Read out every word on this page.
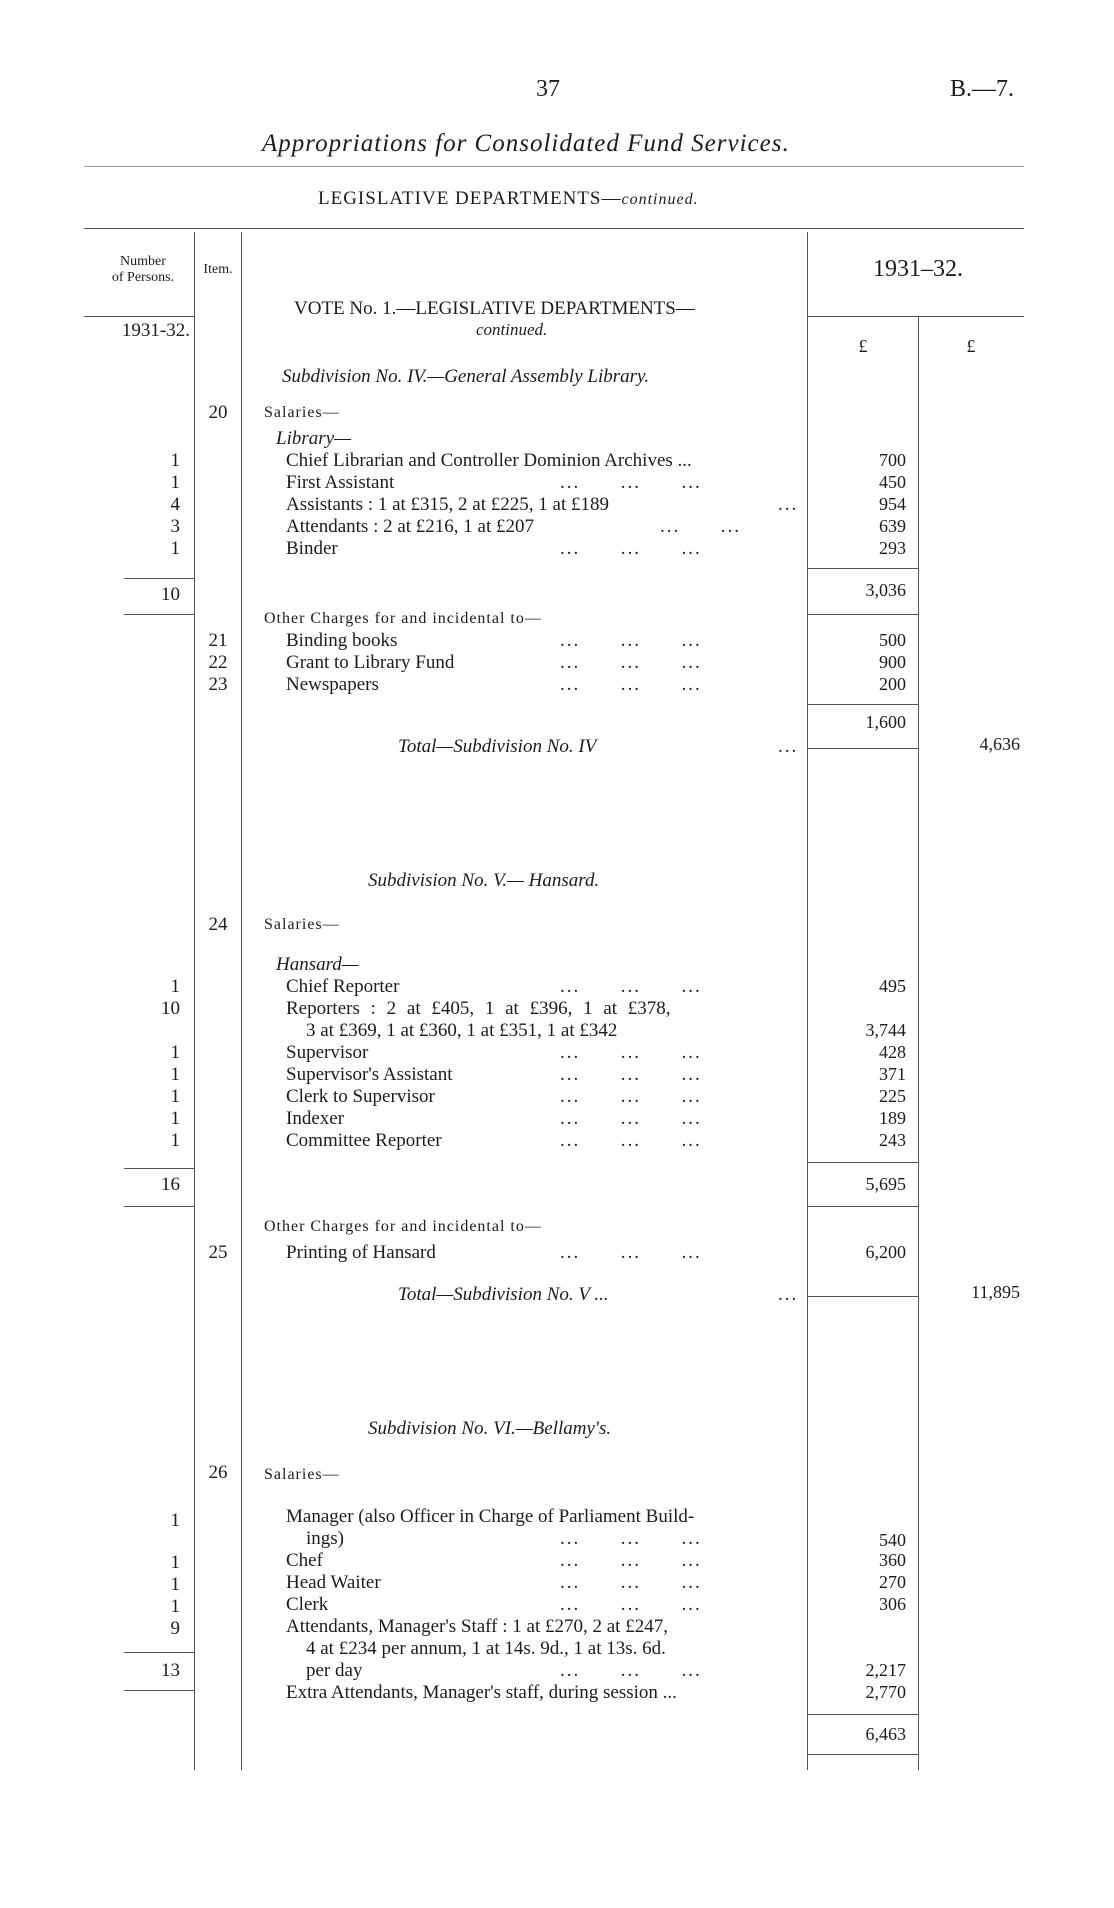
37	B.—7.
Appropriations for Consolidated Fund Services.
LEGISLATIVE DEPARTMENTS—continued.
Number
of Persons.
Item.	1931–32.
1931-32.
£	£
VOTE No. 1.—LEGISLATIVE DEPARTMENTS—
continued.
Subdivision No. IV.—General Assembly Library.
20	Salaries—
Library—
1	Chief Librarian and Controller Dominion Archives ...	700
1	First Assistant	...      ...      ...	450
4	Assistants : 1 at £315, 2 at £225, 1 at £189	...	954
3	Attendants : 2 at £216, 1 at £207	...      ...	639
1	Binder	...      ...      ...	293
10	3,036
Other Charges for and incidental to—
21	Binding books	...      ...      ...	500
22	Grant to Library Fund	...      ...      ...	900
23	Newspapers	...      ...      ...	200
1,600
Total—Subdivision No. IV	...	4,636
Subdivision No. V.— Hansard.
24	Salaries—
Hansard—
1	Chief Reporter	...      ...      ...	495
10	Reporters : 2 at £405, 1 at £396, 1 at £378,
3 at £369, 1 at £360, 1 at £351, 1 at £342	3,744
1	Supervisor	...      ...      ...	428
1	Supervisor's Assistant	...      ...      ...	371
1	Clerk to Supervisor	...      ...      ...	225
1	Indexer	...      ...      ...	189
1	Committee Reporter	...      ...      ...	243
16	5,695
Other Charges for and incidental to—
25	Printing of Hansard	...      ...      ...	6,200
Total—Subdivision No. V ...	...	11,895
Subdivision No. VI.—Bellamy's.
26	Salaries—
1	Manager (also Officer in Charge of Parliament Build-
ings)	...      ...      ...	540
1	Chef	...      ...      ...	360
1	Head Waiter	...      ...      ...	270
1	Clerk	...      ...      ...	306
9	Attendants, Manager's Staff : 1 at £270, 2 at £247,
4 at £234 per annum, 1 at 14s. 9d., 1 at 13s. 6d.
per day	...      ...      ...	2,217
13
Extra Attendants, Manager's staff, during session ...	2,770
6,463
